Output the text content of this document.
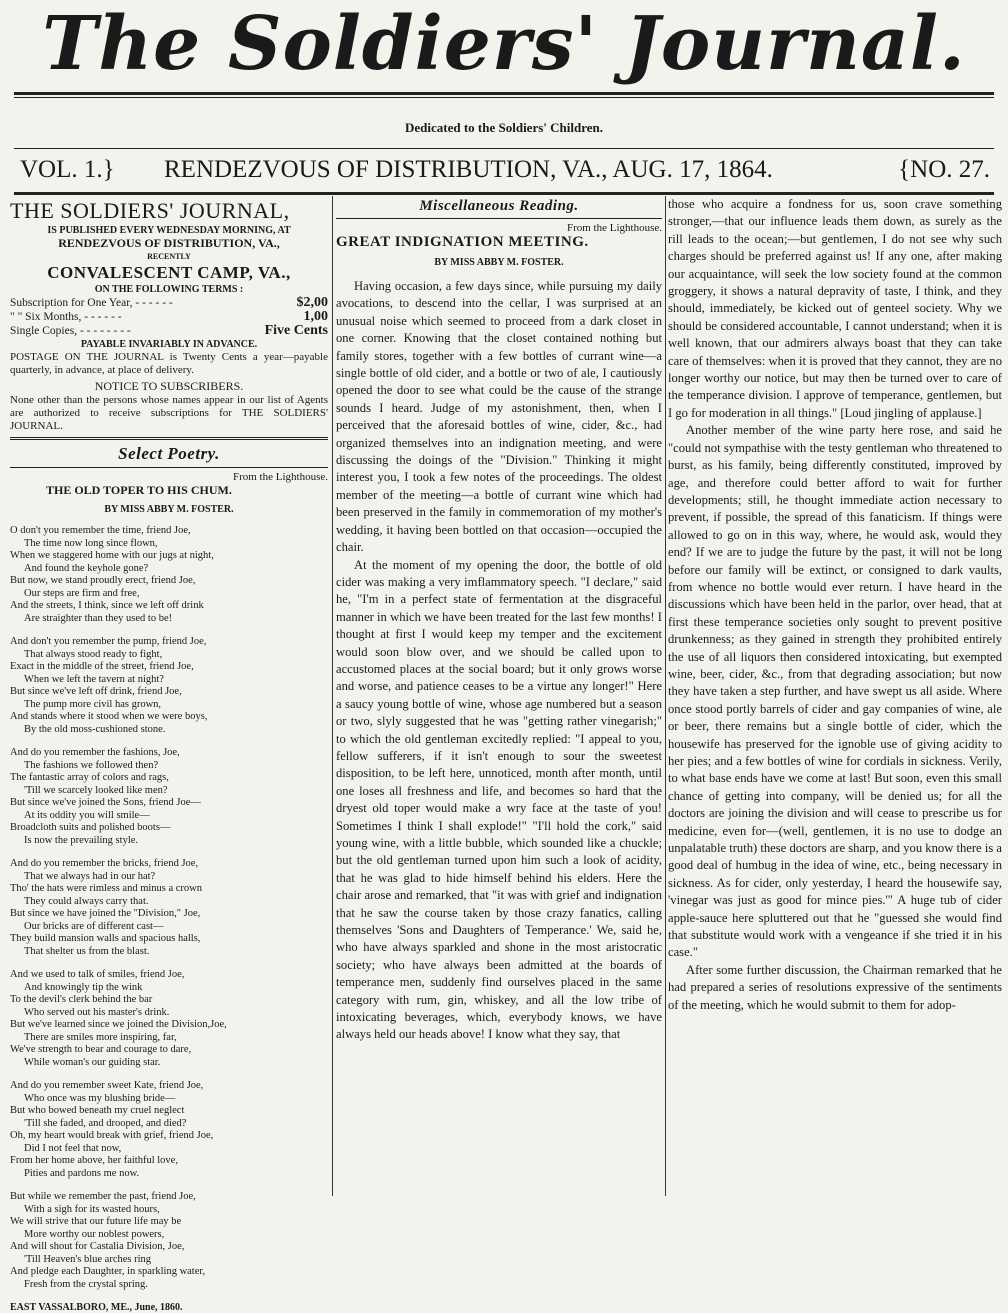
The Soldiers' Journal.
Dedicated to the Soldiers' Children.
VOL. 1.} RENDEZVOUS OF DISTRIBUTION, VA., AUG. 17, 1864.	{NO. 27.
THE SOLDIERS' JOURNAL,
IS PUBLISHED EVERY WEDNESDAY MORNING, AT
RENDEZVOUS OF DISTRIBUTION, VA.,
RECENTLY
CONVALESCENT CAMP, VA.,
ON THE FOLLOWING TERMS :
Subscription for One Year, - - - - - -	$2,00
" " Six Months, - - - - - -	1,00
Single Copies, - - - - - - - -	Five Cents
PAYABLE INVARIABLY IN ADVANCE.
POSTAGE ON THE JOURNAL is Twenty Cents a year—payable quarterly, in advance, at place of delivery.
NOTICE TO SUBSCRIBERS.
None other than the persons whose names appear in our list of Agents are authorized to receive subscriptions for THE SOLDIERS' JOURNAL.
Select Poetry.
From the Lighthouse.
THE OLD TOPER TO HIS CHUM.
BY MISS ABBY M. FOSTER.
O don't you remember the time, friend Joe,
The time now long since flown,
When we staggered home with our jugs at night,
And found the keyhole gone?
But now, we stand proudly erect, friend Joe,
Our steps are firm and free,
And the streets, I think, since we left off drink
Are straighter than they used to be!
And don't you remember the pump, friend Joe,
That always stood ready to fight,
Exact in the middle of the street, friend Joe,
When we left the tavern at night?
But since we've left off drink, friend Joe,
The pump more civil has grown,
And stands where it stood when we were boys,
By the old moss-cushioned stone.
And do you remember the fashions, Joe,
The fashions we followed then?
The fantastic array of colors and rags,
'Till we scarcely looked like men?
But since we've joined the Sons, friend Joe—
At its oddity you will smile—
Broadcloth suits and polished boots—
Is now the prevailing style.
And do you remember the bricks, friend Joe,
That we always had in our hat?
Tho' the hats were rimless and minus a crown
They could always carry that.
But since we have joined the "Division," Joe,
Our bricks are of different cast—
They build mansion walls and spacious halls,
That shelter us from the blast.
And we used to talk of smiles, friend Joe,
And knowingly tip the wink
To the devil's clerk behind the bar
Who served out his master's drink.
But we've learned since we joined the Division,Joe,
There are smiles more inspiring, far,
We've strength to bear and courage to dare,
While woman's our guiding star.
And do you remember sweet Kate, friend Joe,
Who once was my blushing bride—
But who bowed beneath my cruel neglect
'Till she faded, and drooped, and died?
Oh, my heart would break with grief, friend Joe,
Did I not feel that now,
From her home above, her faithful love,
Pities and pardons me now.
But while we remember the past, friend Joe,
With a sigh for its wasted hours,
We will strive that our future life may be
More worthy our noblest powers,
And will shout for Castalia Division, Joe,
'Till Heaven's blue arches ring
And pledge each Daughter, in sparkling water,
Fresh from the crystal spring.
EAST VASSALBORO, ME., June, 1860.
Miscellaneous Reading.
From the Lighthouse.
GREAT INDIGNATION MEETING.
BY MISS ABBY M. FOSTER.

Having occasion, a few days since, while pursuing my daily avocations, to descend into the cellar, I was surprised at an unusual noise which seemed to proceed from a dark closet in one corner. Knowing that the closet contained nothing but family stores, together with a few bottles of currant wine—a single bottle of old cider, and a bottle or two of ale, I cautiously opened the door to see what could be the cause of the strange sounds I heard. Judge of my astonishment, then, when I perceived that the aforesaid bottles of wine, cider, &c., had organized themselves into an indignation meeting, and were discussing the doings of the "Division." Thinking it might interest you, I took a few notes of the proceedings. The oldest member of the meeting—a bottle of currant wine which had been preserved in the family in commemoration of my mother's wedding, it having been bottled on that occasion—occupied the chair.

At the moment of my opening the door, the bottle of old cider was making a very imflammatory speech. "I declare," said he, "I'm in a perfect state of fermentation at the disgraceful manner in which we have been treated for the last few months! I thought at first I would keep my temper and the excitement would soon blow over, and we should be called upon to accustomed places at the social board; but it only grows worse and worse, and patience ceases to be a virtue any longer!" Here a saucy young bottle of wine, whose age numbered but a season or two, slyly suggested that he was "getting rather vinegarish;" to which the old gentleman excitedly replied: "I appeal to you, fellow sufferers, if it isn't enough to sour the sweetest disposition, to be left here, unnoticed, month after month, until one loses all freshness and life, and becomes so hard that the dryest old toper would make a wry face at the taste of you! Sometimes I think I shall explode!" "I'll hold the cork," said young wine, with a little bubble, which sounded like a chuckle; but the old gentleman turned upon him such a look of acidity, that he was glad to hide himself behind his elders. Here the chair arose and remarked, that "it was with grief and indignation that he saw the course taken by those crazy fanatics, calling themselves 'Sons and Daughters of Temperance.' We, said he, who have always sparkled and shone in the most aristocratic society; who have always been admitted at the boards of temperance men, suddenly find ourselves placed in the same category with rum, gin, whiskey, and all the low tribe of intoxicating beverages, which, everybody knows, we have always held our heads above! I know what they say, that

those who acquire a fondness for us, soon crave something stronger,—that our influence leads them down, as surely as the rill leads to the ocean;—but gentlemen, I do not see why such charges should be preferred against us! If any one, after making our acquaintance, will seek the low society found at the common groggery, it shows a natural depravity of taste, I think, and they should, immediately, be kicked out of genteel society. Why we should be considered accountable, I cannot understand; when it is well known, that our admirers always boast that they can take care of themselves: when it is proved that they cannot, they are no longer worthy our notice, but may then be turned over to care of the temperance division. I approve of temperance, gentlemen, but I go for moderation in all things." [Loud jingling of applause.]

Another member of the wine party here rose, and said he "could not sympathise with the testy gentleman who threatened to burst, as his family, being differently constituted, improved by age, and therefore could better afford to wait for further developments; still, he thought immediate action necessary to prevent, if possible, the spread of this fanaticism. If things were allowed to go on in this way, where, he would ask, would they end? If we are to judge the future by the past, it will not be long before our family will be extinct, or consigned to dark vaults, from whence no bottle would ever return. I have heard in the discussions which have been held in the parlor, over head, that at first these temperance societies only sought to prevent positive drunkenness; as they gained in strength they prohibited entirely the use of all liquors then considered intoxicating, but exempted wine, beer, cider, &c., from that degrading association; but now they have taken a step further, and have swept us all aside. Where once stood portly barrels of cider and gay companies of wine, ale or beer, there remains but a single bottle of cider, which the housewife has preserved for the ignoble use of giving acidity to her pies; and a few bottles of wine for cordials in sickness. Verily, to what base ends have we come at last! But soon, even this small chance of getting into company, will be denied us; for all the doctors are joining the division and will cease to prescribe us for medicine, even for—(well, gentlemen, it is no use to dodge an unpalatable truth) these doctors are sharp, and you know there is a good deal of humbug in the idea of wine, etc., being necessary in sickness. As for cider, only yesterday, I heard the housewife say, 'vinegar was just as good for mince pies.'" A huge tub of cider apple-sauce here spluttered out that he "guessed she would find that substitute would work with a vengeance if she tried it in his case."

After some further discussion, the Chairman remarked that he had prepared a series of resolutions expressive of the sentiments of the meeting, which he would submit to them for adop-
